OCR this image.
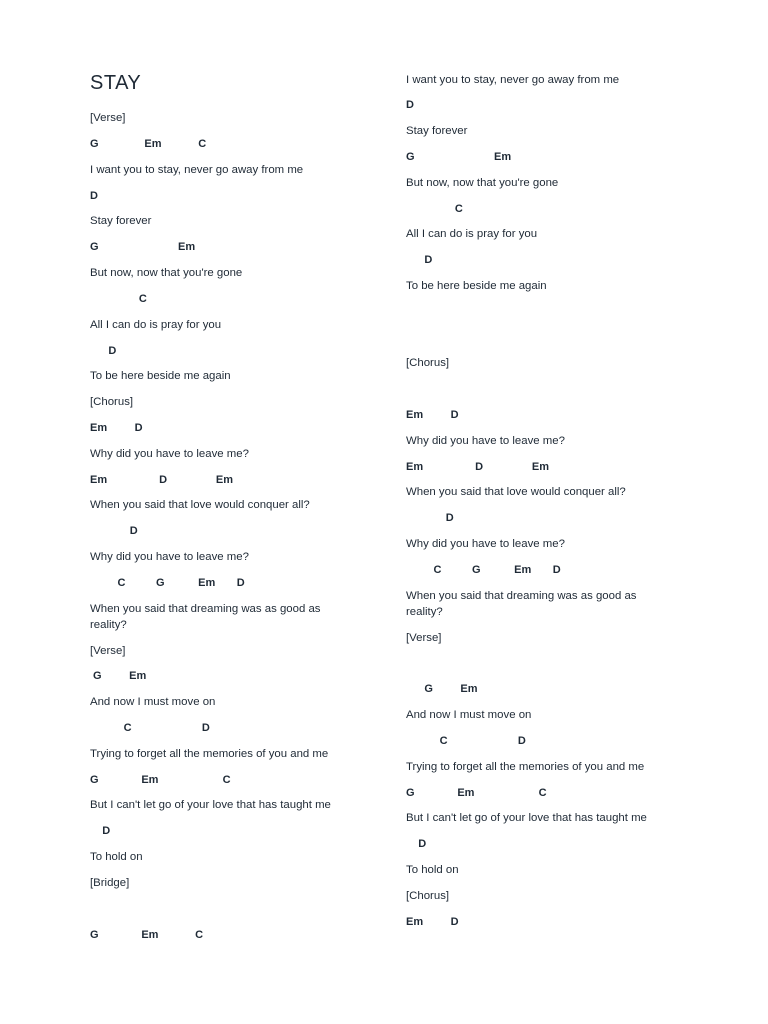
STAY
[Verse]
G               Em            C
I want you to stay, never go away from me
D
Stay forever
G                          Em
But now, now that you're gone
C
All I can do is pray for you
D
To be here beside me again
[Chorus]
Em         D
Why did you have to leave me?
Em                 D                Em
When you said that love would conquer all?
D
Why did you have to leave me?
C          G           Em       D
When you said that dreaming was as good as
reality?
[Verse]
G         Em
And now I must move on
C                       D
Trying to forget all the memories of you and me
G              Em                     C
But I can't let go of your love that has taught me
D
To hold on
[Bridge]
G              Em            C
I want you to stay, never go away from me
D
Stay forever
G                          Em
But now, now that you're gone
C
All I can do is pray for you
D
To be here beside me again
[Chorus]
Em         D
Why did you have to leave me?
Em                 D                Em
When you said that love would conquer all?
D
Why did you have to leave me?
C          G           Em       D
When you said that dreaming was as good as
reality?
[Verse]
G         Em
And now I must move on
C                       D
Trying to forget all the memories of you and me
G              Em                     C
But I can't let go of your love that has taught me
D
To hold on
[Chorus]
Em         D
